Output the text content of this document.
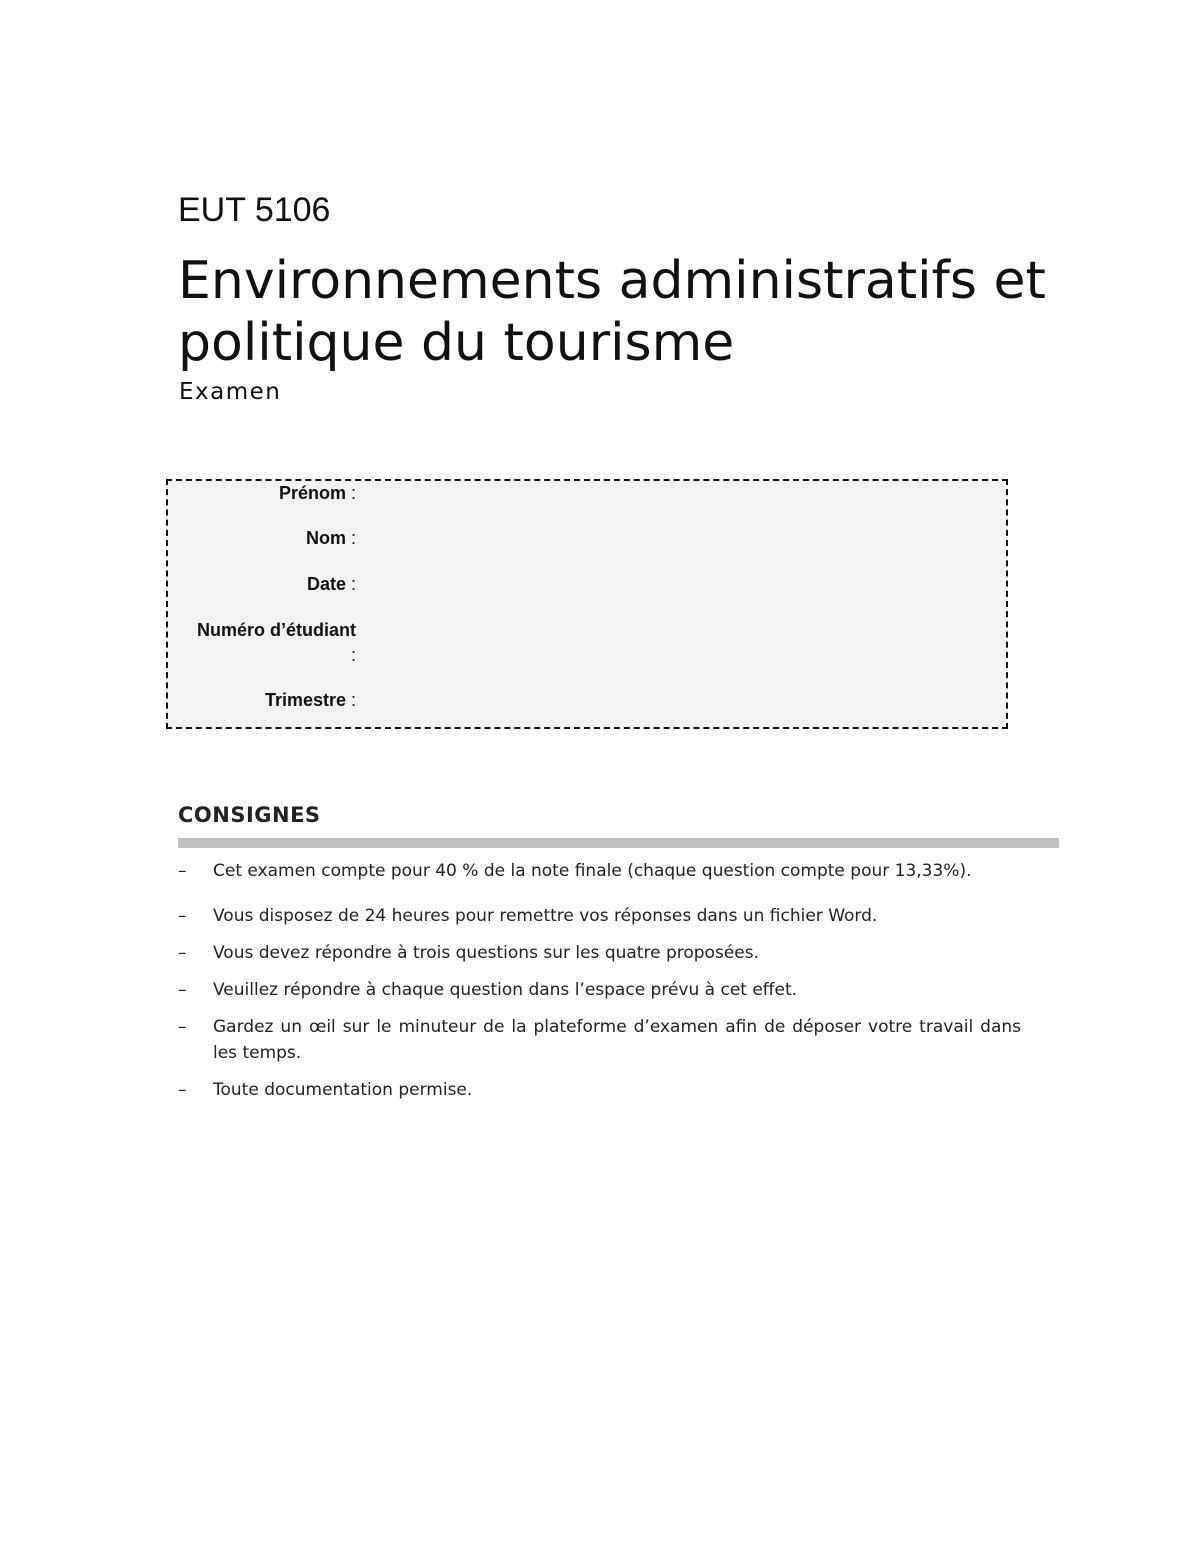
EUT 5106
Environnements administratifs et politique du tourisme
Examen
Prénom :
Nom :
Date :
Numéro d’étudiant :
Trimestre :
CONSIGNES
– Cet examen compte pour 40 % de la note finale (chaque question compte pour 13,33%).
– Vous disposez de 24 heures pour remettre vos réponses dans un fichier Word.
– Vous devez répondre à trois questions sur les quatre proposées.
– Veuillez répondre à chaque question dans l’espace prévu à cet effet.
– Gardez un œil sur le minuteur de la plateforme d’examen afin de déposer votre travail dans les temps.
– Toute documentation permise.
